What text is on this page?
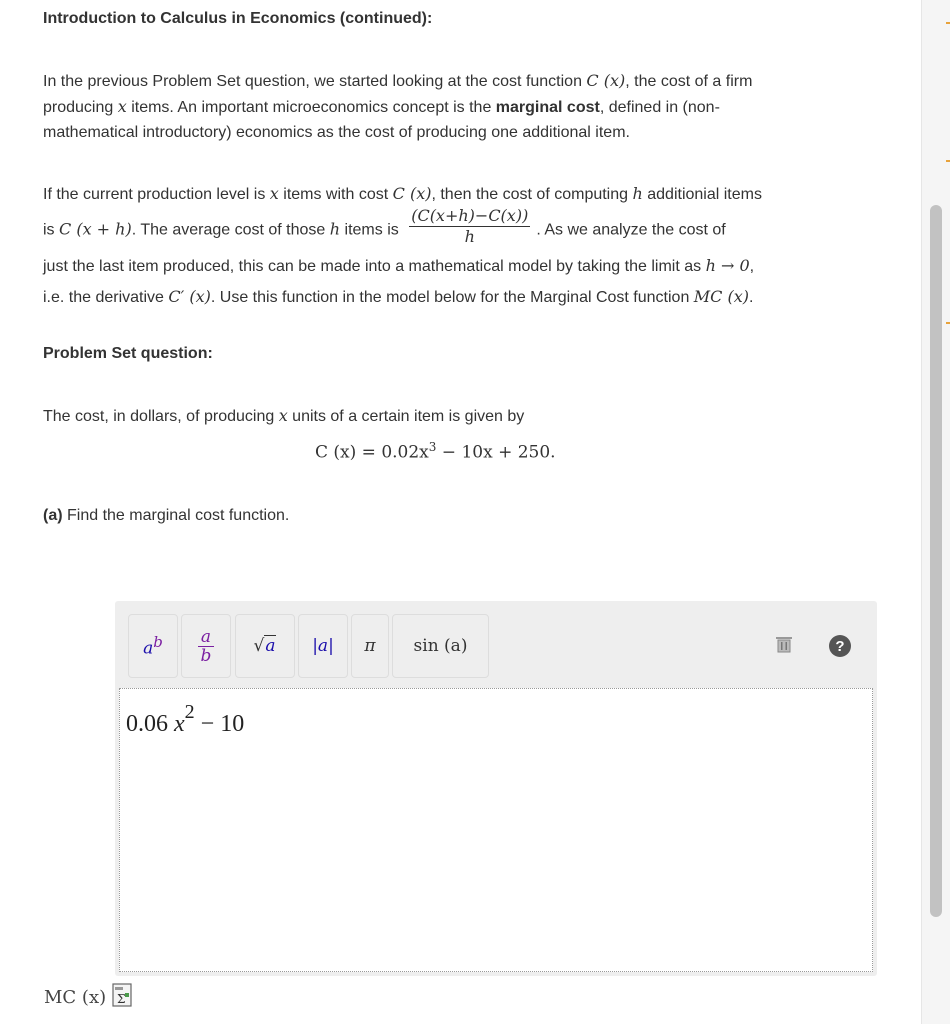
Introduction to Calculus in Economics (continued):
In the previous Problem Set question, we started looking at the cost function C (x), the cost of a firm
producing x items. An important microeconomics concept is the marginal cost, defined in (non-
mathematical introductory) economics as the cost of producing one additional item.
If the current production level is x items with cost C (x), then the cost of computing h additionial items
is C (x + h). The average cost of those h items is $\frac{(C(x+h)-C(x))}{h}$ . As we analyze the cost of
just the last item produced, this can be made into a mathematical model by taking the limit as h → 0,
i.e. the derivative C′ (x). Use this function in the model below for the Marginal Cost function MC (x).
Problem Set question:
The cost, in dollars, of producing x units of a certain item is given by
(a) Find the marginal cost function.
C $(x) = 0.02x^3 - 10x + 250$.
$a^b$ a
b √a |a| π sin (a)	?
0.06 $x^2 - 10$
MC (x) Σ
